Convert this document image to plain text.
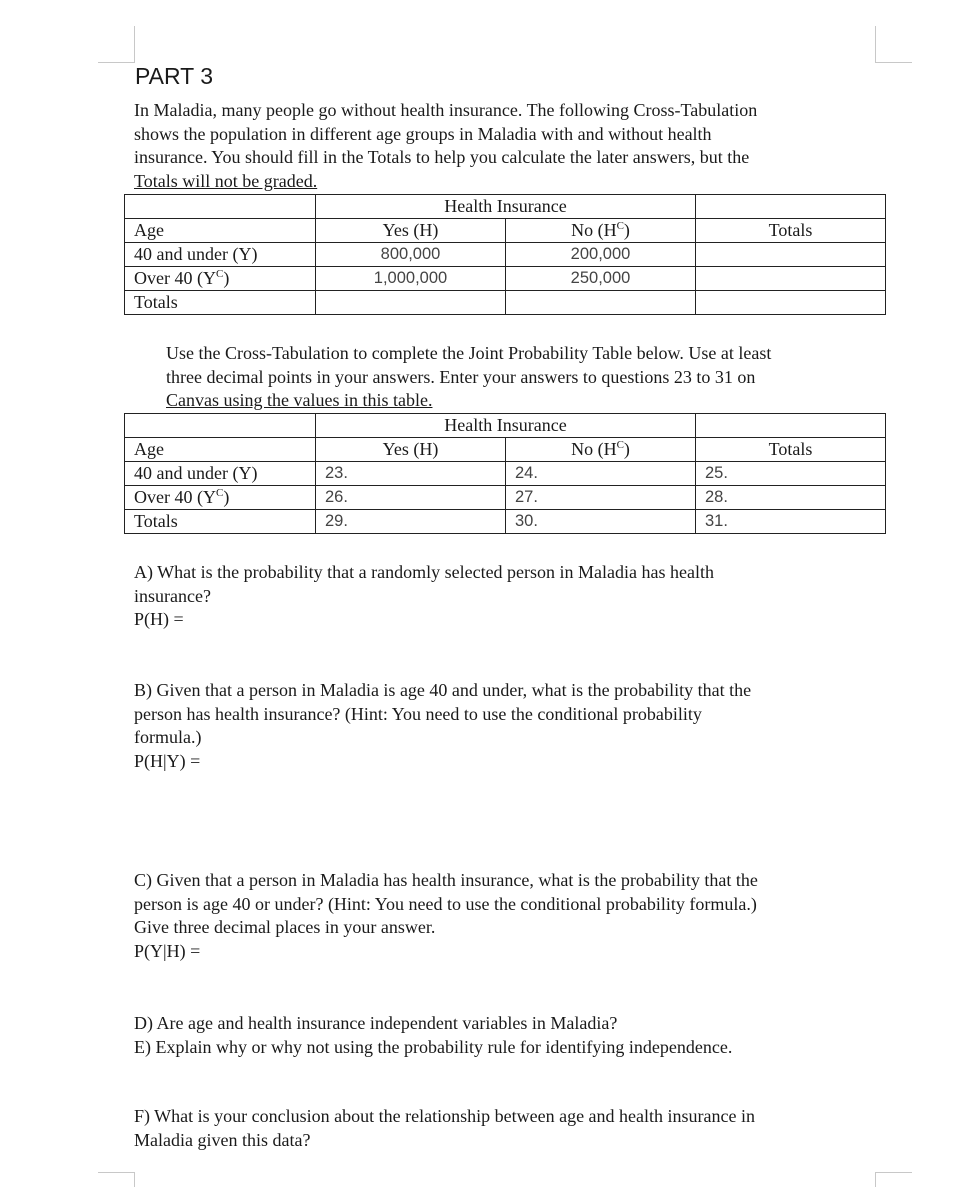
PART 3
In Maladia, many people go without health insurance. The following Cross-Tabulation
shows the population in different age groups in Maladia with and without health
insurance. You should fill in the Totals to help you calculate the later answers, but the
Totals will not be graded.
	Health Insurance		
Age	Yes (H)	No $(H^C)$	Totals
40 and under (Y)	800,000	200,000	
Over 40 $(Y^C)$	1,000,000	250,000	
Totals			
Use the Cross-Tabulation to complete the Joint Probability Table below. Use at least
three decimal points in your answers. Enter your answers to questions 23 to 31 on
Canvas using the values in this table.
	Health Insurance		
Age	Yes (H)	No $(H^C)$	Totals
40 and under (Y)	23.	24.	25.
Over 40 $(Y^C)$	26.	27.	28.
Totals	29.	30.	31.
A) What is the probability that a randomly selected person in Maladia has health
insurance?
P(H) =
B) Given that a person in Maladia is age 40 and under, what is the probability that the
person has health insurance? (Hint: You need to use the conditional probability
formula.)
P(H|Y) =
C) Given that a person in Maladia has health insurance, what is the probability that the
person is age 40 or under? (Hint: You need to use the conditional probability formula.)
Give three decimal places in your answer.
P(Y|H) =
D) Are age and health insurance independent variables in Maladia?
E) Explain why or why not using the probability rule for identifying independence.
F) What is your conclusion about the relationship between age and health insurance in
Maladia given this data?
